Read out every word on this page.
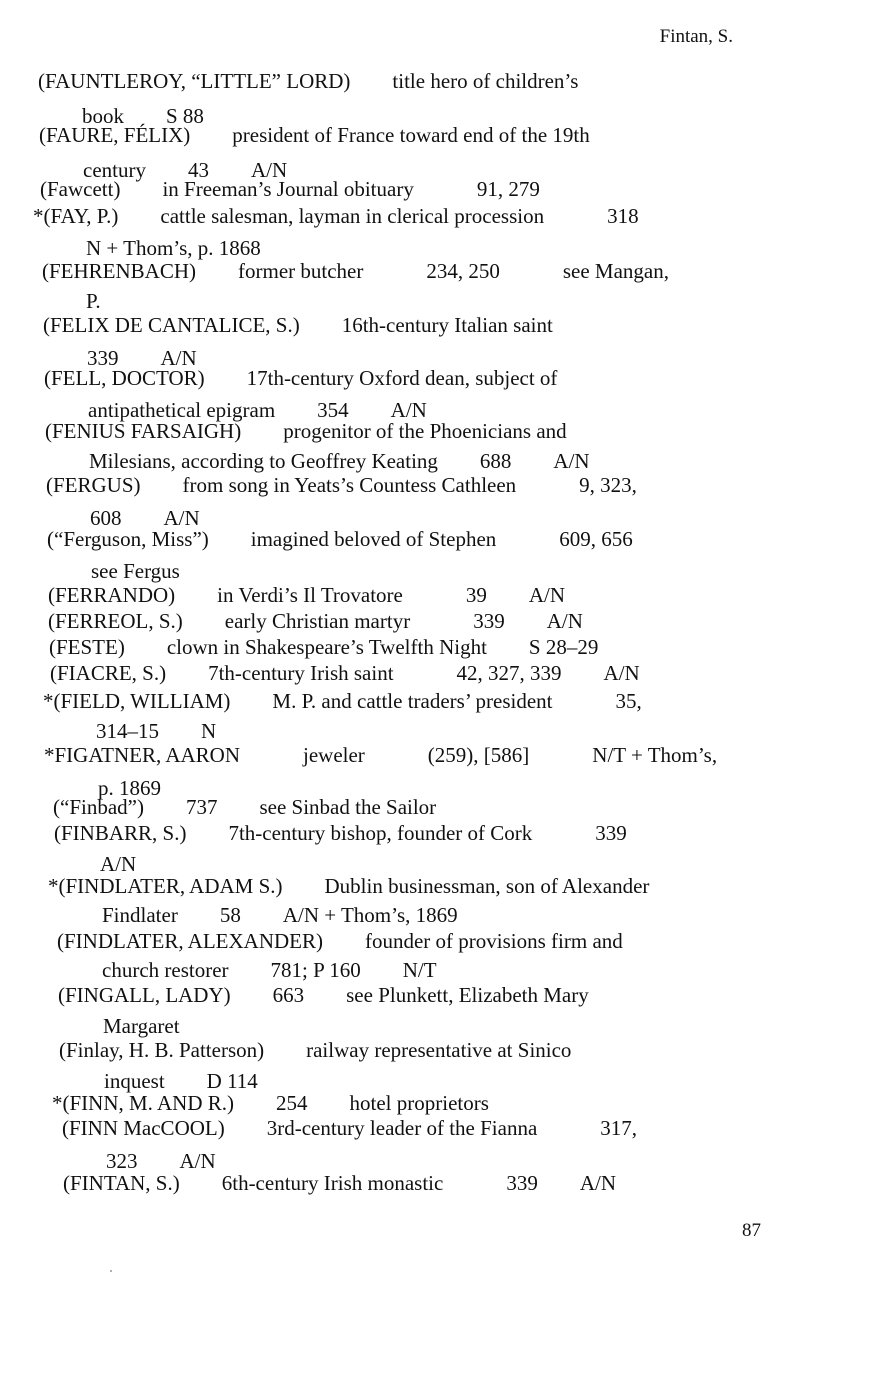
Fintan, S.
(FAUNTLEROY, “LITTLE” LORD)  title hero of children’s
book  S 88
(FAURE, FÉLIX)  president of France toward end of the 19th
century  43  A/N
(Fawcett)  in Freeman’s Journal obituary   91, 279
*(FAY, P.)  cattle salesman, layman in clerical procession   318
N + Thom’s, p. 1868
(FEHRENBACH)  former butcher   234, 250   see Mangan,
P.
(FELIX DE CANTALICE, S.)  16th-century Italian saint
339  A/N
(FELL, DOCTOR)  17th-century Oxford dean, subject of
antipathetical epigram  354  A/N
(FENIUS FARSAIGH)  progenitor of the Phoenicians and
Milesians, according to Geoffrey Keating  688  A/N
(FERGUS)  from song in Yeats’s Countess Cathleen   9, 323,
608  A/N
(“Ferguson, Miss”)  imagined beloved of Stephen   609, 656
see Fergus
(FERRANDO)  in Verdi’s Il Trovatore   39  A/N
(FERREOL, S.)  early Christian martyr   339  A/N
(FESTE)  clown in Shakespeare’s Twelfth Night  S 28–29
(FIACRE, S.)  7th-century Irish saint   42, 327, 339  A/N
*(FIELD, WILLIAM)  M. P. and cattle traders’ president   35,
314–15  N
*FIGATNER, AARON   jeweler   (259), [586]   N/T + Thom’s,
p. 1869
(“Finbad”)  737  see Sinbad the Sailor
(FINBARR, S.)  7th-century bishop, founder of Cork   339
A/N
*(FINDLATER, ADAM S.)  Dublin businessman, son of Alexander
Findlater  58  A/N + Thom’s, 1869
(FINDLATER, ALEXANDER)  founder of provisions firm and
church restorer  781; P 160  N/T
(FINGALL, LADY)  663  see Plunkett, Elizabeth Mary
Margaret
(Finlay, H. B. Patterson)  railway representative at Sinico
inquest  D 114
*(FINN, M. AND R.)  254  hotel proprietors
(FINN MacCOOL)  3rd-century leader of the Fianna   317,
323  A/N
(FINTAN, S.)  6th-century Irish monastic   339  A/N
87
